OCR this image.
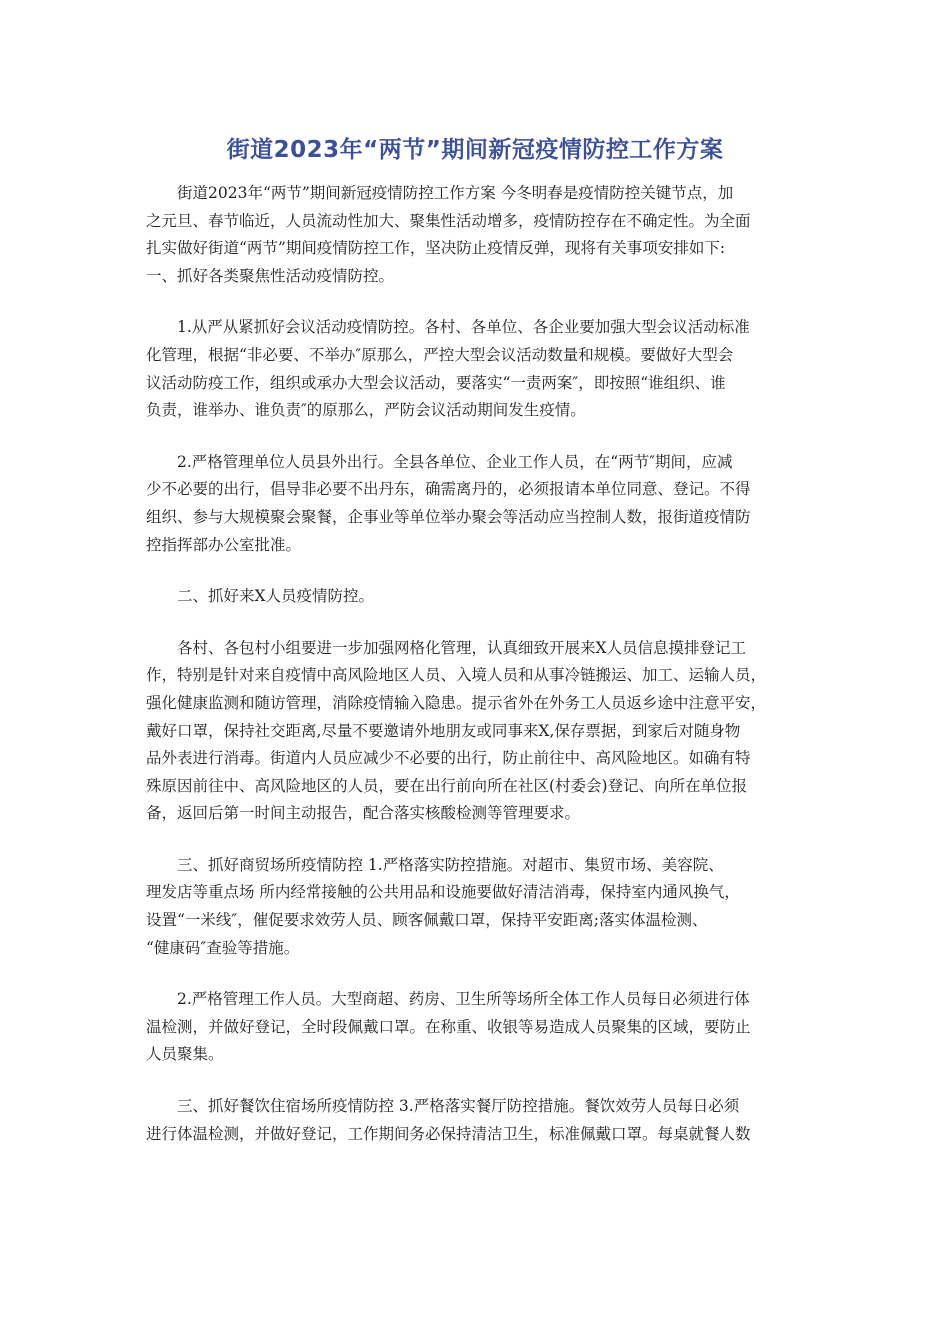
街道2023年“两节”期间新冠疫情防控工作方案
街道2023年“两节”期间新冠疫情防控工作方案 今冬明春是疫情防控关键节点，加
之元旦、春节临近，人员流动性加大、聚集性活动增多，疫情防控存在不确定性。为全面
扎实做好街道“两节”期间疫情防控工作，坚决防止疫情反弹，现将有关事项安排如下:
一、抓好各类聚焦性活动疫情防控。
1.从严从紧抓好会议活动疫情防控。各村、各单位、各企业要加强大型会议活动标准
化管理，根据“非必要、不举办″原那么，严控大型会议活动数量和规模。要做好大型会
议活动防疫工作，组织或承办大型会议活动，要落实“一责两案″，即按照“谁组织、谁
负责，谁举办、谁负责″的原那么，严防会议活动期间发生疫情。
2.严格管理单位人员县外出行。全县各单位、企业工作人员，在“两节″期间，应减
少不必要的出行，倡导非必要不出丹东，确需离丹的，必须报请本单位同意、登记。不得
组织、参与大规模聚会聚餐，企事业等单位举办聚会等活动应当控制人数，报街道疫情防
控指挥部办公室批准。
二、抓好来X人员疫情防控。
各村、各包村小组要进一步加强网格化管理，认真细致开展来X人员信息摸排登记工
作，特别是针对来自疫情中高风险地区人员、入境人员和从事冷链搬运、加工、运输人员，
强化健康监测和随访管理，消除疫情输入隐患。提示省外在外务工人员返乡途中注意平安，
戴好口罩，保持社交距离,尽量不要邀请外地朋友或同事来X,保存票据，到家后对随身物
品外表进行消毒。街道内人员应减少不必要的出行，防止前往中、高风险地区。如确有特
殊原因前往中、高风险地区的人员，要在出行前向所在社区(村委会)登记、向所在单位报
备，返回后第一时间主动报告，配合落实核酸检测等管理要求。
三、抓好商贸场所疫情防控 1.严格落实防控措施。对超市、集贸市场、美容院、
理发店等重点场 所内经常接触的公共用品和设施要做好清洁消毒，保持室内通风换气，
设置“一米线″，催促要求效劳人员、顾客佩戴口罩，保持平安距离;落实体温检测、
“健康码″查验等措施。
2.严格管理工作人员。大型商超、药房、卫生所等场所全体工作人员每日必须进行体
温检测，并做好登记，全时段佩戴口罩。在称重、收银等易造成人员聚集的区域，要防止
人员聚集。
三、抓好餐饮住宿场所疫情防控 3.严格落实餐厅防控措施。餐饮效劳人员每日必须
进行体温检测，并做好登记，工作期间务必保持清洁卫生，标准佩戴口罩。每桌就餐人数
